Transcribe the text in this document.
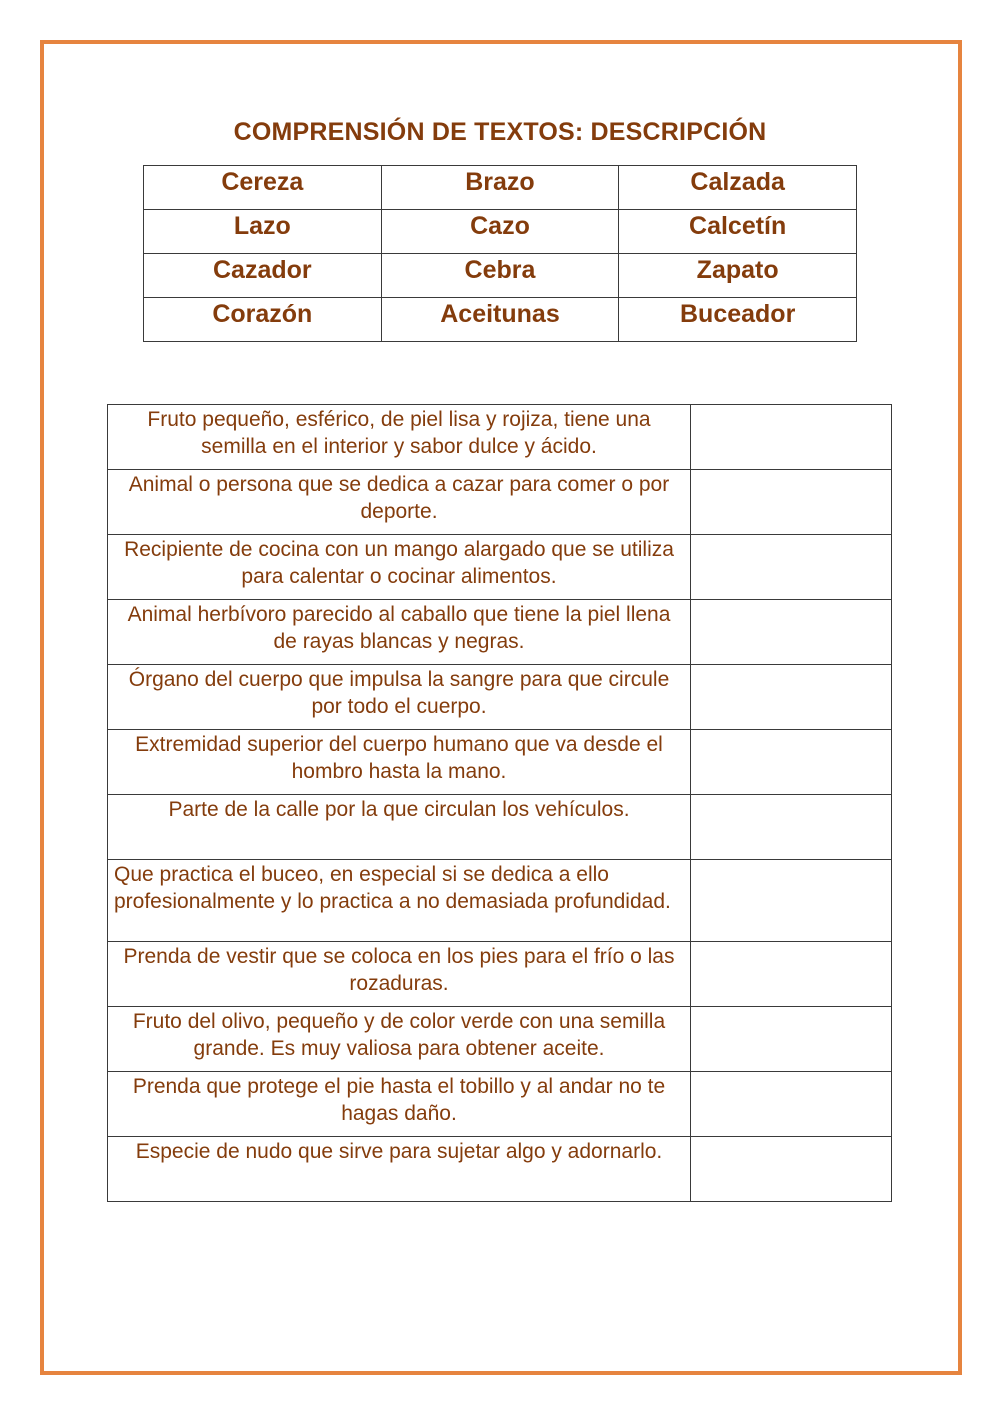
COMPRENSIÓN DE TEXTOS: DESCRIPCIÓN
Cereza	Brazo	Calzada
Lazo	Cazo	Calcetín
Cazador	Cebra	Zapato
Corazón	Aceitunas	Buceador
Fruto pequeño, esférico, de piel lisa y rojiza, tiene una semilla en el interior y sabor dulce y ácido.	
Animal o persona que se dedica a cazar para comer o por deporte.	
Recipiente de cocina con un mango alargado que se utiliza para calentar o cocinar alimentos.	
Animal herbívoro parecido al caballo que tiene la piel llena de rayas blancas y negras.	
Órgano del cuerpo que impulsa la sangre para que circule por todo el cuerpo.	
Extremidad superior del cuerpo humano que va desde el hombro hasta la mano.	
Parte de la calle por la que circulan los vehículos.	
Que practica el buceo, en especial si se dedica a ello profesionalmente y lo practica a no demasiada profundidad.	
Prenda de vestir que se coloca en los pies para el frío o las rozaduras.	
Fruto del olivo, pequeño y de color verde con una semilla grande. Es muy valiosa para obtener aceite.	
Prenda que protege el pie hasta el tobillo y al andar no te hagas daño.	
Especie de nudo que sirve para sujetar algo y adornarlo.	
